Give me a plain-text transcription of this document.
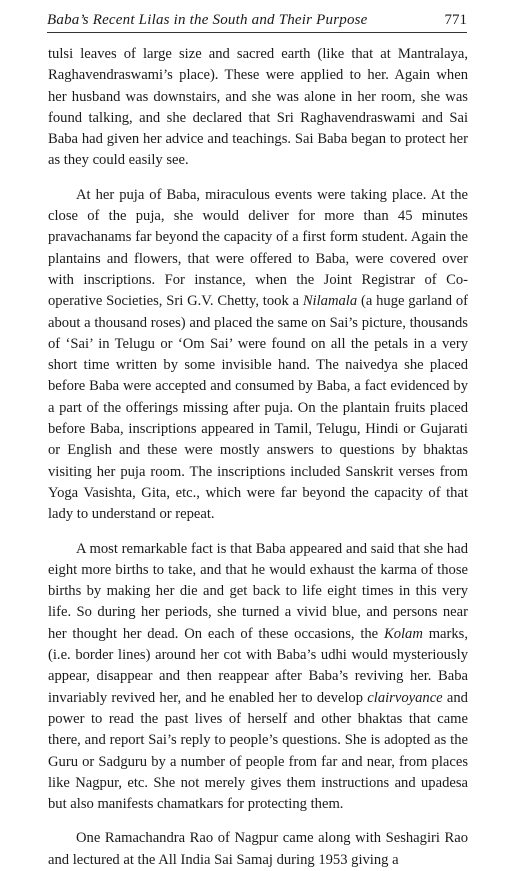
Baba’s Recent Lilas in the South and Their Purpose	771

tulsi leaves of large size and sacred earth (like that at Mantralaya, Raghavendraswami’s place). These were applied to her. Again when her husband was downstairs, and she was alone in her room, she was found talking, and she declared that Sri Raghavendraswami and Sai Baba had given her advice and teachings. Sai Baba began to protect her as they could easily see.

At her puja of Baba, miraculous events were taking place. At the close of the puja, she would deliver for more than 45 minutes pravachanams far beyond the capacity of a first form student. Again the plantains and flowers, that were offered to Baba, were covered over with inscriptions. For instance, when the Joint Registrar of Co-operative Societies, Sri G.V. Chetty, took a Nilamala (a huge garland of about a thousand roses) and placed the same on Sai’s picture, thousands of ‘Sai’ in Telugu or ‘Om Sai’ were found on all the petals in a very short time written by some invisible hand. The naivedya she placed before Baba were accepted and consumed by Baba, a fact evidenced by a part of the offerings missing after puja. On the plantain fruits placed before Baba, inscriptions appeared in Tamil, Telugu, Hindi or Gujarati or English and these were mostly answers to questions by bhaktas visiting her puja room. The inscriptions included Sanskrit verses from Yoga Vasishta, Gita, etc., which were far beyond the capacity of that lady to understand or repeat.

A most remarkable fact is that Baba appeared and said that she had eight more births to take, and that he would exhaust the karma of those births by making her die and get back to life eight times in this very life. So during her periods, she turned a vivid blue, and persons near her thought her dead. On each of these occasions, the Kolam marks, (i.e. border lines) around her cot with Baba’s udhi would mysteriously appear, disappear and then reappear after Baba’s reviving her. Baba invariably revived her, and he enabled her to develop clairvoyance and power to read the past lives of herself and other bhaktas that came there, and report Sai’s reply to people’s questions. She is adopted as the Guru or Sadguru by a number of people from far and near, from places like Nagpur, etc. She not merely gives them instructions and upadesa but also manifests chamatkars for protecting them.

One Ramachandra Rao of Nagpur came along with Seshagiri Rao and lectured at the All India Sai Samaj during 1953 giving a
